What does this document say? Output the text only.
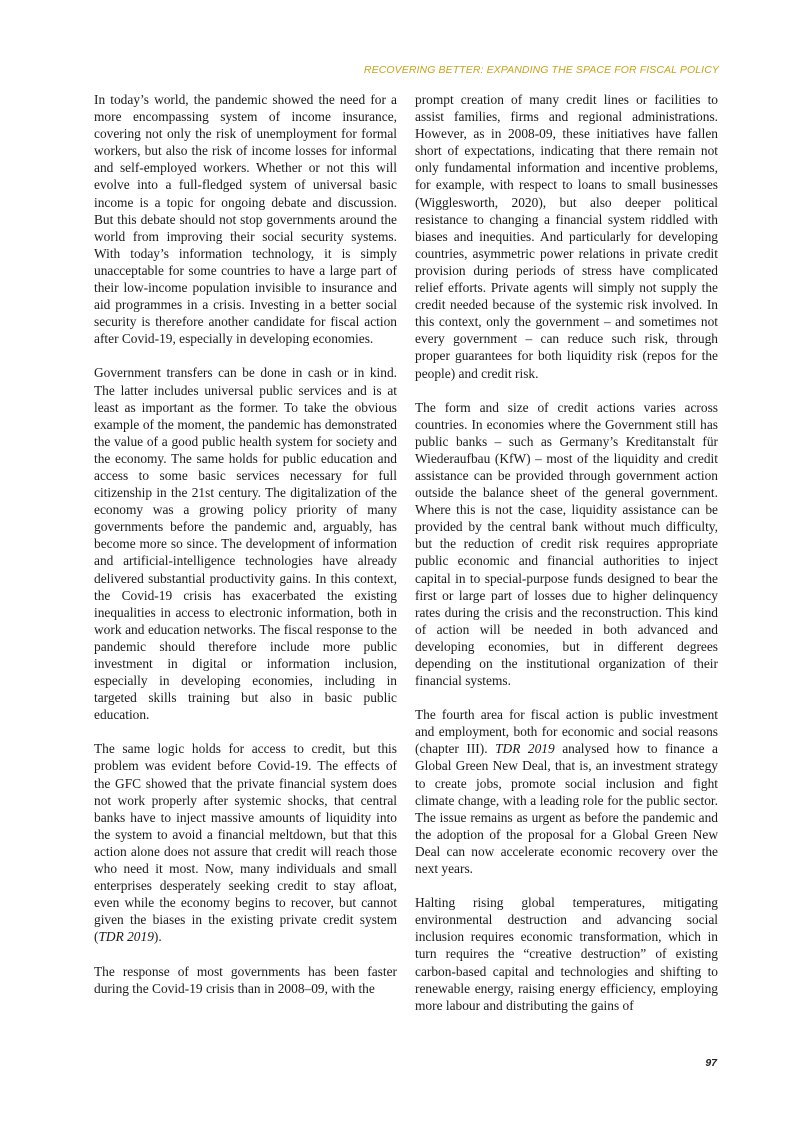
RECOVERING BETTER: EXPANDING THE SPACE FOR FISCAL POLICY

In today’s world, the pandemic showed the need for a more encompassing system of income insurance, covering not only the risk of unemployment for formal workers, but also the risk of income losses for informal and self-employed workers. Whether or not this will evolve into a full-fledged system of universal basic income is a topic for ongoing debate and discussion. But this debate should not stop governments around the world from improving their social security systems. With today’s information technology, it is simply unacceptable for some countries to have a large part of their low-income population invisible to insurance and aid programmes in a crisis. Investing in a better social security is therefore another candidate for fiscal action after Covid-19, especially in developing economies.

Government transfers can be done in cash or in kind. The latter includes universal public services and is at least as important as the former. To take the obvious example of the moment, the pandemic has demonstrated the value of a good public health system for society and the economy. The same holds for public education and access to some basic services necessary for full citizenship in the 21st century. The digitalization of the economy was a growing policy priority of many governments before the pandemic and, arguably, has become more so since. The development of information and artificial-intelligence technologies have already delivered substantial productivity gains. In this context, the Covid-19 crisis has exacerbated the existing inequalities in access to electronic information, both in work and education networks. The fiscal response to the pandemic should therefore include more public investment in digital or information inclusion, especially in developing economies, including in targeted skills training but also in basic public education.

The same logic holds for access to credit, but this problem was evident before Covid-19. The effects of the GFC showed that the private financial system does not work properly after systemic shocks, that central banks have to inject massive amounts of liquidity into the system to avoid a financial meltdown, but that this action alone does not assure that credit will reach those who need it most. Now, many individuals and small enterprises desperately seeking credit to stay afloat, even while the economy begins to recover, but cannot given the biases in the existing private credit system (TDR 2019).

The response of most governments has been faster during the Covid-19 crisis than in 2008–09, with the

prompt creation of many credit lines or facilities to assist families, firms and regional administrations. However, as in 2008-09, these initiatives have fallen short of expectations, indicating that there remain not only fundamental information and incentive problems, for example, with respect to loans to small businesses (Wigglesworth, 2020), but also deeper political resistance to changing a financial system riddled with biases and inequities. And particularly for developing countries, asymmetric power relations in private credit provision during periods of stress have complicated relief efforts. Private agents will simply not supply the credit needed because of the systemic risk involved. In this context, only the government – and sometimes not every government – can reduce such risk, through proper guarantees for both liquidity risk (repos for the people) and credit risk.

The form and size of credit actions varies across countries. In economies where the Government still has public banks – such as Germany’s Kreditanstalt für Wiederaufbau (KfW) – most of the liquidity and credit assistance can be provided through government action outside the balance sheet of the general government. Where this is not the case, liquidity assistance can be provided by the central bank without much difficulty, but the reduction of credit risk requires appropriate public economic and financial authorities to inject capital in to special-purpose funds designed to bear the first or large part of losses due to higher delinquency rates during the crisis and the reconstruction. This kind of action will be needed in both advanced and developing economies, but in different degrees depending on the institutional organization of their financial systems.

The fourth area for fiscal action is public investment and employment, both for economic and social reasons (chapter III). TDR 2019 analysed how to finance a Global Green New Deal, that is, an investment strategy to create jobs, promote social inclusion and fight climate change, with a leading role for the public sector. The issue remains as urgent as before the pandemic and the adoption of the proposal for a Global Green New Deal can now accelerate economic recovery over the next years.

Halting rising global temperatures, mitigating environmental destruction and advancing social inclusion requires economic transformation, which in turn requires the “creative destruction” of existing carbon-based capital and technologies and shifting to renewable energy, raising energy efficiency, employing more labour and distributing the gains of

97
